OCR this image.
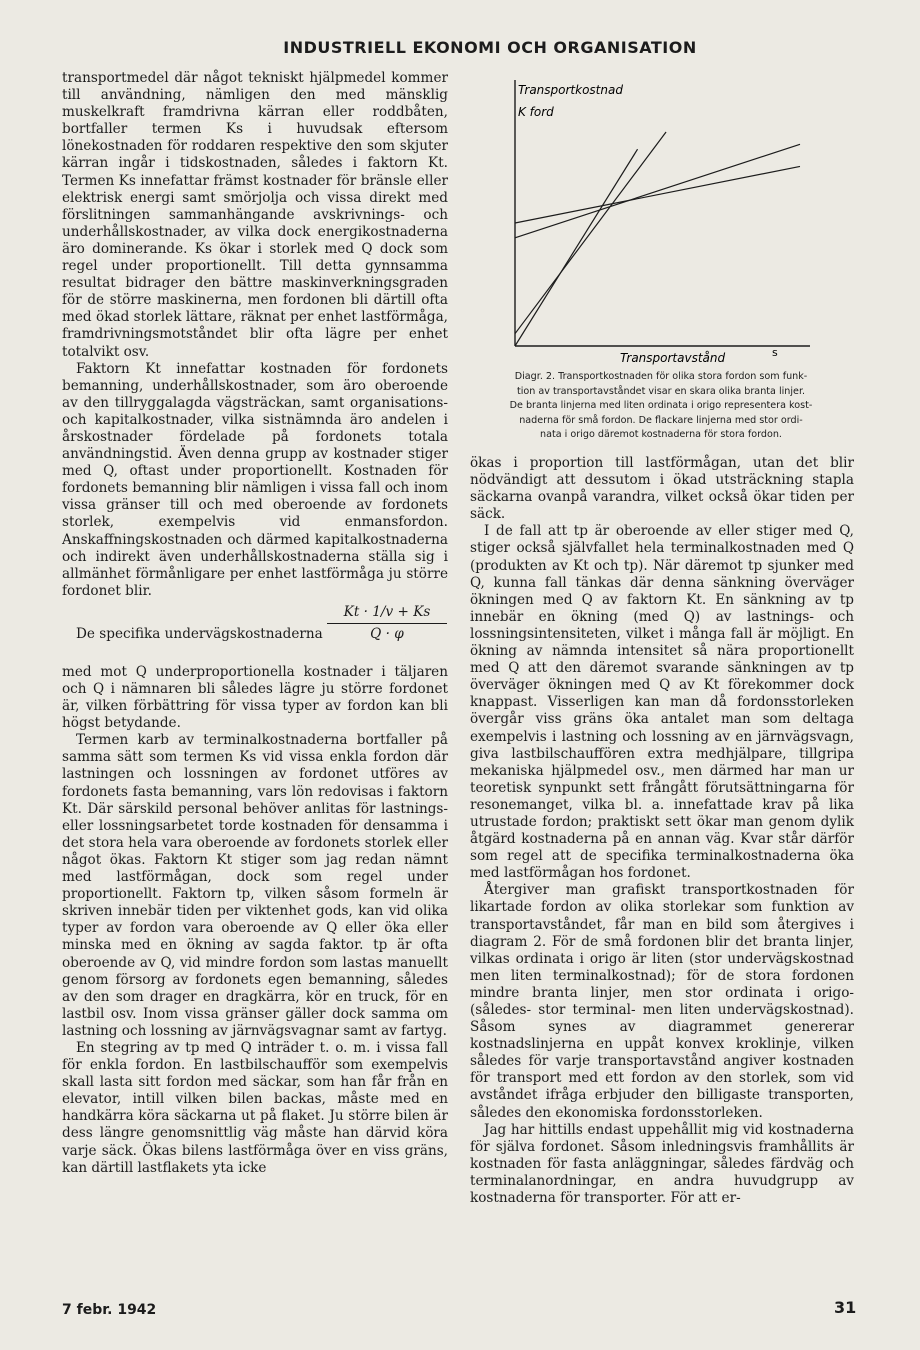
INDUSTRIELL EKONOMI OCH ORGANISATION

transportmedel där något tekniskt hjälpmedel kommer till användning, nämligen den med mänsklig muskelkraft framdrivna kärran eller roddbåten, bortfaller termen Ks i huvudsak eftersom lönekostnaden för roddaren respektive den som skjuter kärran ingår i tidskostnaden, således i faktorn Kt. Termen Ks innefattar främst kostnader för bränsle eller elektrisk energi samt smörjolja och vissa direkt med förslitningen sammanhängande avskrivnings- och underhållskostnader, av vilka dock energikostnaderna äro dominerande. Ks ökar i storlek med Q dock som regel under proportionellt. Till detta gynnsamma resultat bidrager den bättre maskinverkningsgraden för de större maskinerna, men fordonen bli därtill ofta med ökad storlek lättare, räknat per enhet lastförmåga, framdrivningsmotståndet blir ofta lägre per enhet totalvikt osv.

Faktorn Kt innefattar kostnaden för fordonets bemanning, underhållskostnader, som äro oberoende av den tillryggalagda vägsträckan, samt organisations- och kapitalkostnader, vilka sistnämnda äro andelen i årskostnader fördelade på fordonets totala användningstid. Även denna grupp av kostnader stiger med Q, oftast under proportionellt. Kostnaden för fordonets bemanning blir nämligen i vissa fall och inom vissa gränser till och med oberoende av fordonets storlek, exempelvis vid enmansfordon. Anskaffningskostnaden och därmed kapitalkostnaderna och indirekt även underhållskostnaderna ställa sig i allmänhet förmånligare per enhet lastförmåga ju större fordonet blir.

De specifika undervägskostnaderna
Kt · 1/v + Ks
Q · φ

med mot Q underproportionella kostnader i täljaren och Q i nämnaren bli således lägre ju större fordonet är, vilken förbättring för vissa typer av fordon kan bli högst betydande.

Termen karb av terminalkostnaderna bortfaller på samma sätt som termen Ks vid vissa enkla fordon där lastningen och lossningen av fordonet utföres av fordonets fasta bemanning, vars lön redovisas i faktorn Kt. Där särskild personal behöver anlitas för lastnings- eller lossningsarbetet torde kostnaden för densamma i det stora hela vara oberoende av fordonets storlek eller något ökas. Faktorn Kt stiger som jag redan nämnt med lastförmågan, dock som regel under proportionellt. Faktorn tp, vilken såsom formeln är skriven innebär tiden per viktenhet gods, kan vid olika typer av fordon vara oberoende av Q eller öka eller minska med en ökning av sagda faktor. tp är ofta oberoende av Q, vid mindre fordon som lastas manuellt genom försorg av fordonets egen bemanning, således av den som drager en dragkärra, kör en truck, för en lastbil osv. Inom vissa gränser gäller dock samma om lastning och lossning av järnvägsvagnar samt av fartyg.

En stegring av tp med Q inträder t. o. m. i vissa fall för enkla fordon. En lastbilschaufför som exempelvis skall lasta sitt fordon med säckar, som han får från en elevator, intill vilken bilen backas, måste med en handkärra köra säckarna ut på flaket. Ju större bilen är dess längre genomsnittlig väg måste han därvid köra varje säck. Ökas bilens lastförmåga över en viss gräns, kan därtill lastflakets yta icke

Transportkostnad
K ford
Transportavstånd	s
Diagr. 2. Transportkostnaden för olika stora fordon som funk-
tion av transportavståndet visar en skara olika branta linjer.
De branta linjerna med liten ordinata i origo representera kost-
naderna för små fordon. De flackare linjerna med stor ordi-
nata i origo däremot kostnaderna för stora fordon.

ökas i proportion till lastförmågan, utan det blir nödvändigt att dessutom i ökad utsträckning stapla säckarna ovanpå varandra, vilket också ökar tiden per säck.

I de fall att tp är oberoende av eller stiger med Q, stiger också självfallet hela terminalkostnaden med Q (produkten av Kt och tp). När däremot tp sjunker med Q, kunna fall tänkas där denna sänkning överväger ökningen med Q av faktorn Kt. En sänkning av tp innebär en ökning (med Q) av lastnings- och lossningsintensiteten, vilket i många fall är möjligt. En ökning av nämnda intensitet så nära proportionellt med Q att den däremot svarande sänkningen av tp överväger ökningen med Q av Kt förekommer dock knappast. Visserligen kan man då fordonsstorleken övergår viss gräns öka antalet man som deltaga exempelvis i lastning och lossning av en järnvägsvagn, giva lastbilschauffören extra medhjälpare, tillgripa mekaniska hjälpmedel osv., men därmed har man ur teoretisk synpunkt sett frångått förutsättningarna för resonemanget, vilka bl. a. innefattade krav på lika utrustade fordon; praktiskt sett ökar man genom dylik åtgärd kostnaderna på en annan väg. Kvar står därför som regel att de specifika terminalkostnaderna öka med lastförmågan hos fordonet.

Återgiver man grafiskt transportkostnaden för likartade fordon av olika storlekar som funktion av transportavståndet, får man en bild som återgives i diagram 2. För de små fordonen blir det branta linjer, vilkas ordinata i origo är liten (stor undervägskostnad men liten terminalkostnad); för de stora fordonen mindre branta linjer, men stor ordinata i origo- (således- stor terminal- men liten undervägskostnad). Såsom synes av diagrammet genererar kostnadslinjerna en uppåt konvex kroklinje, vilken således för varje transportavstånd angiver kostnaden för transport med ett fordon av den storlek, som vid avståndet ifråga erbjuder den billigaste transporten, således den ekonomiska fordonsstorleken.

Jag har hittills endast uppehållit mig vid kostnaderna för själva fordonet. Såsom inledningsvis framhållits är kostnaden för fasta anläggningar, således färdväg och terminalanordningar, en andra huvudgrupp av kostnaderna för transporter. För att er-

7 febr. 1942	31
